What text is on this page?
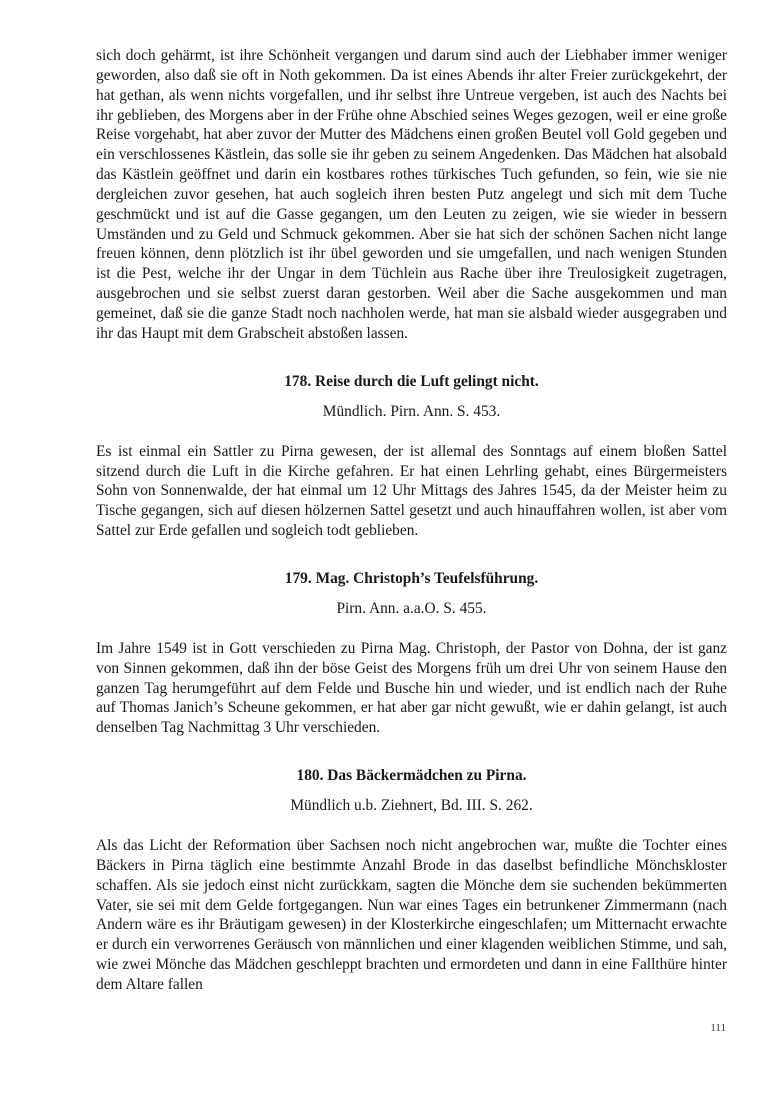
sich doch gehärmt, ist ihre Schönheit vergangen und darum sind auch der Liebhaber immer weniger geworden, also daß sie oft in Noth gekommen. Da ist eines Abends ihr alter Freier zurückgekehrt, der hat gethan, als wenn nichts vorgefallen, und ihr selbst ihre Untreue vergeben, ist auch des Nachts bei ihr geblieben, des Morgens aber in der Frühe ohne Abschied seines Weges gezogen, weil er eine große Reise vorgehabt, hat aber zuvor der Mutter des Mädchens einen großen Beutel voll Gold gegeben und ein verschlossenes Kästlein, das solle sie ihr geben zu seinem Angedenken. Das Mädchen hat alsobald das Kästlein geöffnet und darin ein kostbares rothes türkisches Tuch gefunden, so fein, wie sie nie dergleichen zuvor gesehen, hat auch sogleich ihren besten Putz angelegt und sich mit dem Tuche geschmückt und ist auf die Gasse gegangen, um den Leuten zu zeigen, wie sie wieder in bessern Umständen und zu Geld und Schmuck gekommen. Aber sie hat sich der schönen Sachen nicht lange freuen können, denn plötzlich ist ihr übel geworden und sie umgefallen, und nach wenigen Stunden ist die Pest, welche ihr der Ungar in dem Tüchlein aus Rache über ihre Treulosigkeit zugetragen, ausgebrochen und sie selbst zuerst daran gestorben. Weil aber die Sache ausgekommen und man gemeinet, daß sie die ganze Stadt noch nachholen werde, hat man sie alsbald wieder ausgegraben und ihr das Haupt mit dem Grabscheit abstoßen lassen.

178. Reise durch die Luft gelingt nicht.

Mündlich. Pirn. Ann. S. 453.

Es ist einmal ein Sattler zu Pirna gewesen, der ist allemal des Sonntags auf einem bloßen Sattel sitzend durch die Luft in die Kirche gefahren. Er hat einen Lehrling gehabt, eines Bürgermeisters Sohn von Sonnenwalde, der hat einmal um 12 Uhr Mittags des Jahres 1545, da der Meister heim zu Tische gegangen, sich auf diesen hölzernen Sattel gesetzt und auch hinauffahren wollen, ist aber vom Sattel zur Erde gefallen und sogleich todt geblieben.

179. Mag. Christoph’s Teufelsführung.

Pirn. Ann. a.a.O. S. 455.

Im Jahre 1549 ist in Gott verschieden zu Pirna Mag. Christoph, der Pastor von Dohna, der ist ganz von Sinnen gekommen, daß ihn der böse Geist des Morgens früh um drei Uhr von seinem Hause den ganzen Tag herumgeführt auf dem Felde und Busche hin und wieder, und ist endlich nach der Ruhe auf Thomas Janich’s Scheune gekommen, er hat aber gar nicht gewußt, wie er dahin gelangt, ist auch denselben Tag Nachmittag 3 Uhr verschieden.

180. Das Bäckermädchen zu Pirna.

Mündlich u.b. Ziehnert, Bd. III. S. 262.

Als das Licht der Reformation über Sachsen noch nicht angebrochen war, mußte die Tochter eines Bäckers in Pirna täglich eine bestimmte Anzahl Brode in das daselbst befindliche Mönchskloster schaffen. Als sie jedoch einst nicht zurückkam, sagten die Mönche dem sie suchenden bekümmerten Vater, sie sei mit dem Gelde fortgegangen. Nun war eines Tages ein betrunkener Zimmermann (nach Andern wäre es ihr Bräutigam gewesen) in der Klosterkirche eingeschlafen; um Mitternacht erwachte er durch ein verworrenes Geräusch von männlichen und einer klagenden weiblichen Stimme, und sah, wie zwei Mönche das Mädchen geschleppt brachten und ermordeten und dann in eine Fallthüre hinter dem Altare fallen

111
